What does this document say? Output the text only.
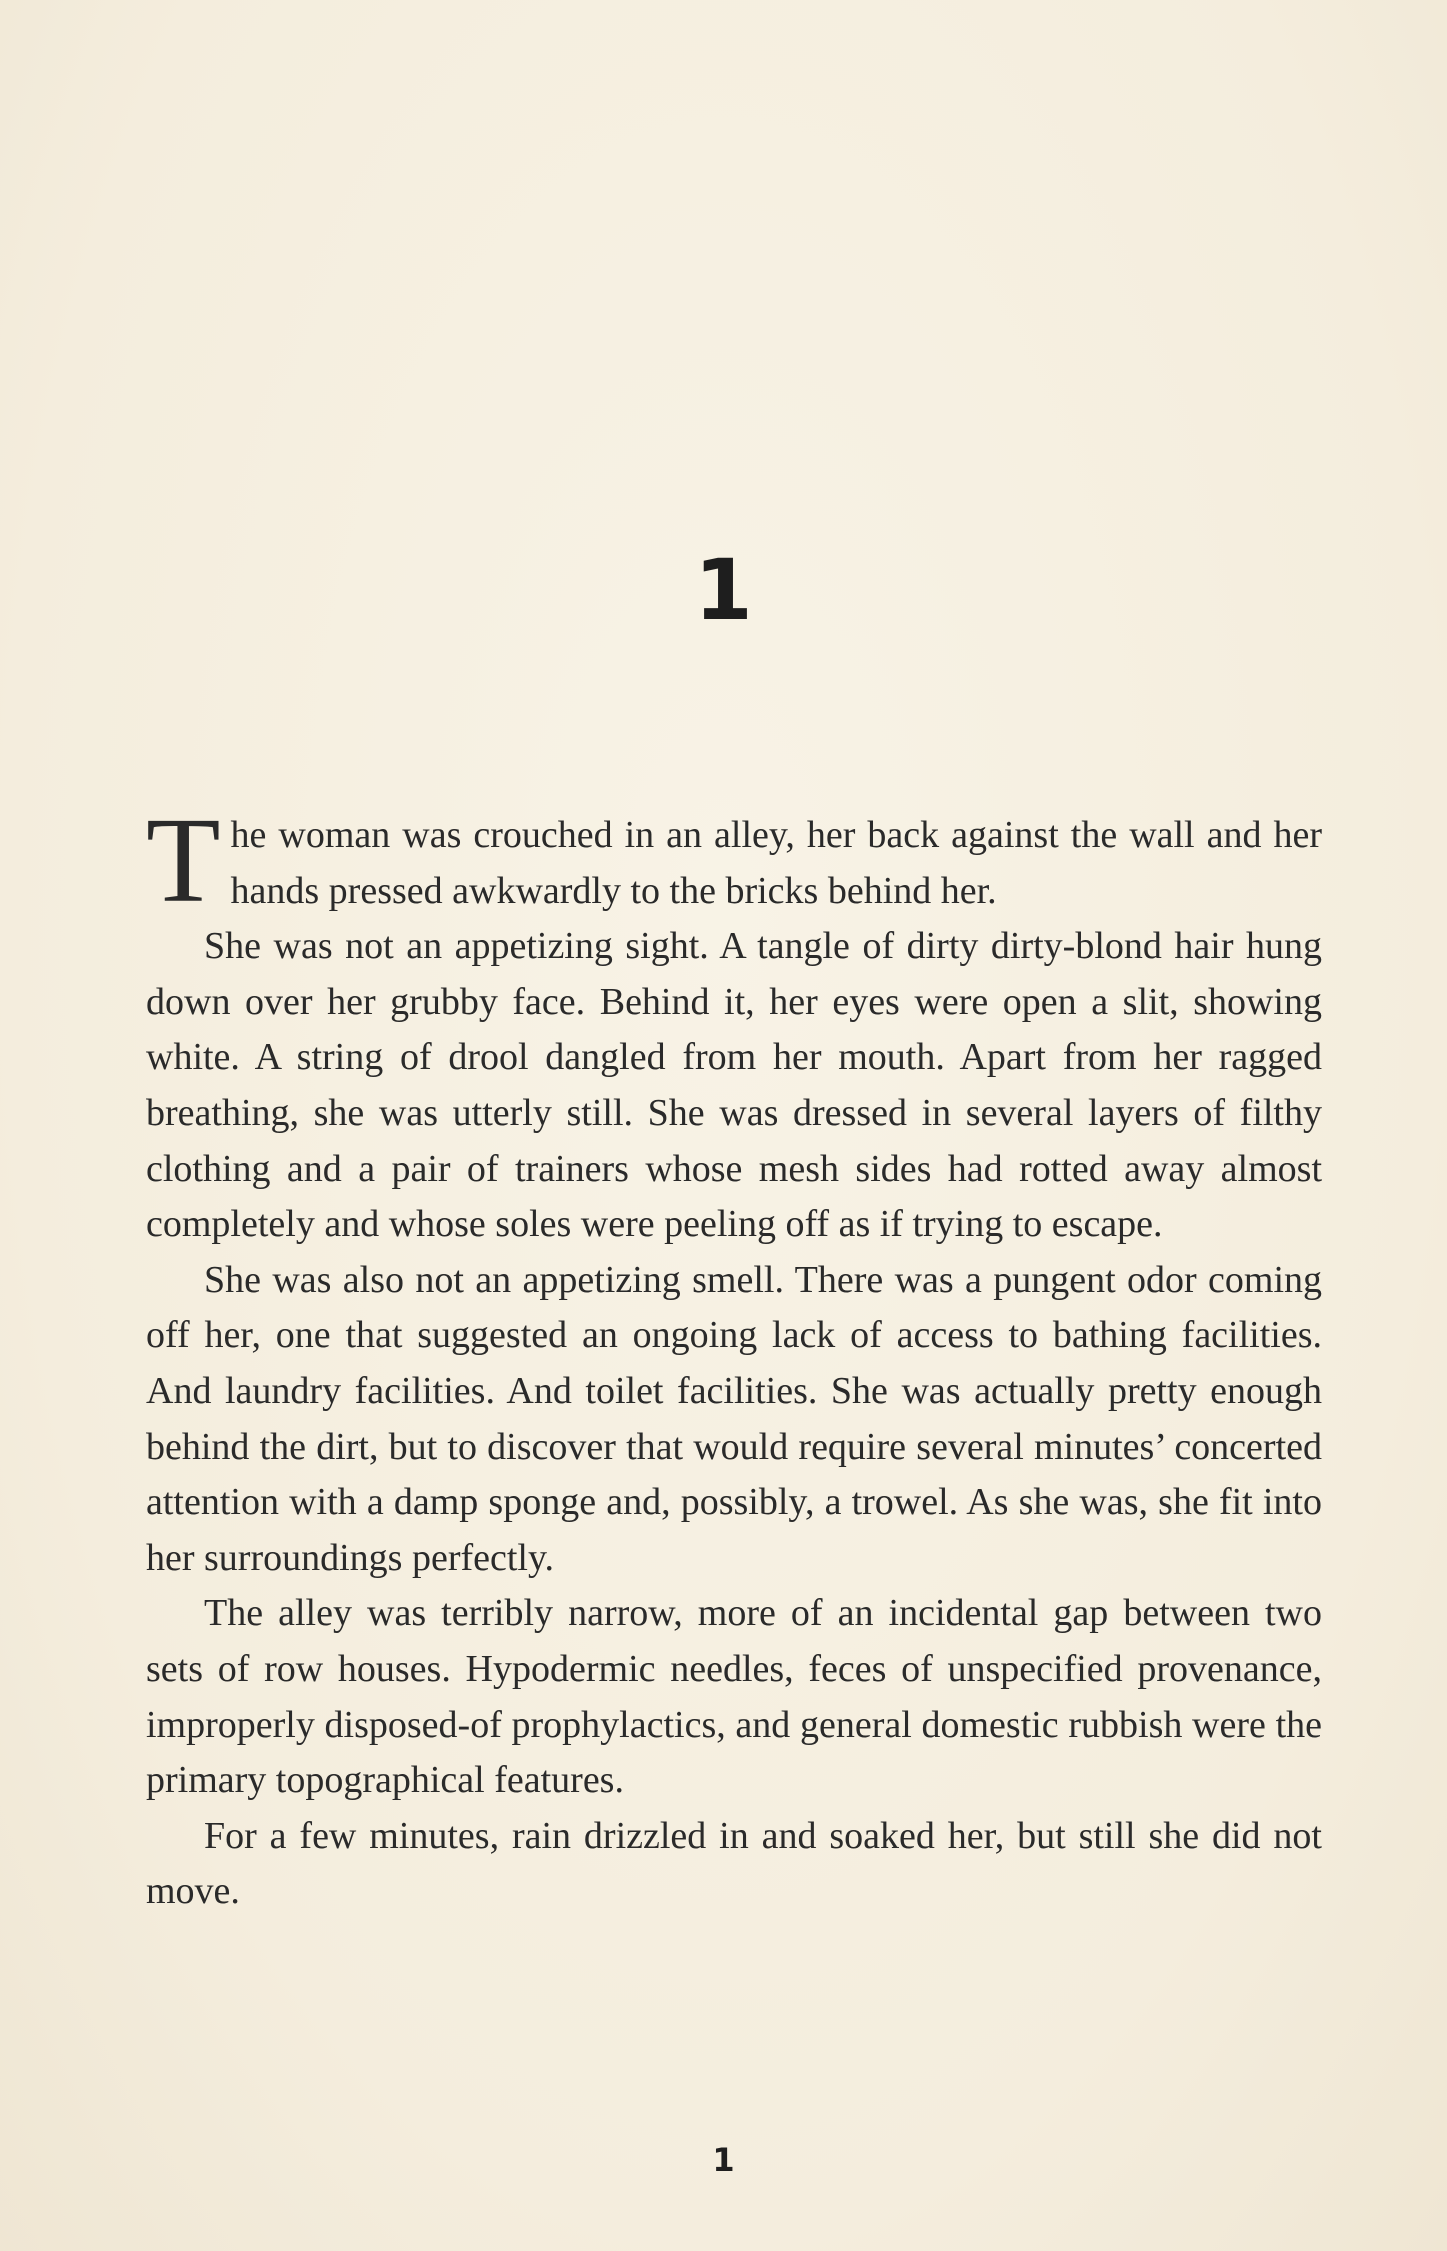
1

The woman was crouched in an alley, her back against the wall and her hands pressed awkwardly to the bricks behind her.

She was not an appetizing sight. A tangle of dirty dirty-blond hair hung down over her grubby face. Behind it, her eyes were open a slit, showing white. A string of drool dangled from her mouth. Apart from her ragged breathing, she was utterly still. She was dressed in several layers of filthy clothing and a pair of trainers whose mesh sides had rotted away almost completely and whose soles were peeling off as if trying to escape.

She was also not an appetizing smell. There was a pungent odor coming off her, one that suggested an ongoing lack of access to bathing facilities. And laundry facilities. And toilet facilities. She was actually pretty enough behind the dirt, but to discover that would require several minutes’ concerted attention with a damp sponge and, possibly, a trowel. As she was, she fit into her surroundings perfectly.

The alley was terribly narrow, more of an incidental gap between two sets of row houses. Hypodermic needles, feces of unspecified provenance, improperly disposed-of prophylactics, and general domestic rubbish were the primary topographical features.

For a few minutes, rain drizzled in and soaked her, but still she did not move.

1
